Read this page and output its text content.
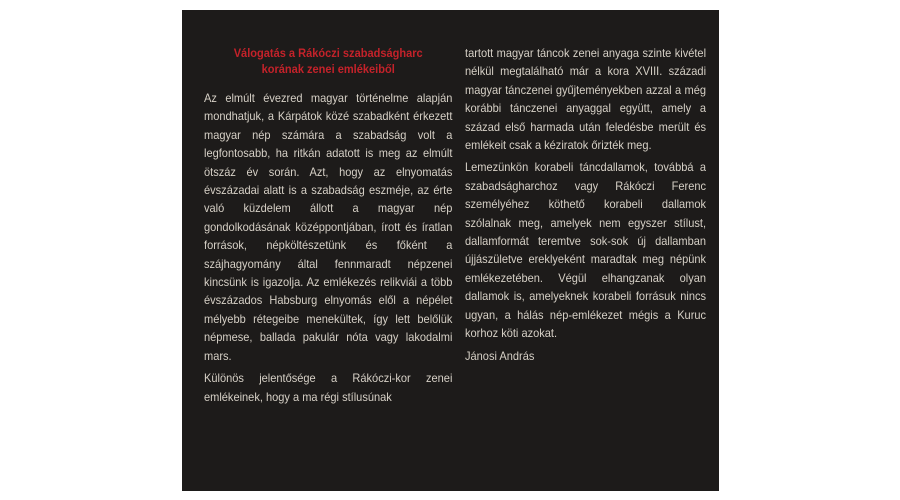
Válogatás a Rákóczi szabadságharc
korának zenei emlékeiből

Az elmúlt évezred magyar történelme alapján mondhatjuk, a Kárpátok közé szabadként érkezett magyar nép számára a szabadság volt a legfontosabb, ha ritkán adatott is meg az elmúlt ötszáz év során. Azt, hogy az elnyomatás évszázadai alatt is a szabadság eszméje, az érte való küzdelem állott a magyar nép gondolkodásának középpontjában, írott és íratlan források, népköltészetünk és főként a szájhagyomány által fennmaradt népzenei kincsünk is igazolja. Az emlékezés relikviái a több évszázados Habsburg elnyomás elől a népélet mélyebb rétegeibe menekültek, így lett belőlük népmese, ballada pakulár nóta vagy lakodalmi mars.

Különös jelentősége a Rákóczi-kor zenei emlékeinek, hogy a ma régi stílusúnak

tartott magyar táncok zenei anyaga szinte kivétel nélkül megtalálható már a kora XVIII. századi magyar tánczenei gyűjteményekben azzal a még korábbi tánczenei anyaggal együtt, amely a század első harmada után feledésbe merült és emlékeit csak a kéziratok őrizték meg.

Lemezünkön korabeli táncdallamok, továbbá a szabadságharchoz vagy Rákóczi Ferenc személyéhez köthető korabeli dallamok szólalnak meg, amelyek nem egyszer stílust, dallamformát teremtve sok-sok új dallamban újjászületve ereklyeként maradtak meg népünk emlékezetében. Végül elhangzanak olyan dallamok is, amelyeknek korabeli forrásuk nincs ugyan, a hálás nép-emlékezet mégis a Kuruc korhoz köti azokat.

Jánosi András
